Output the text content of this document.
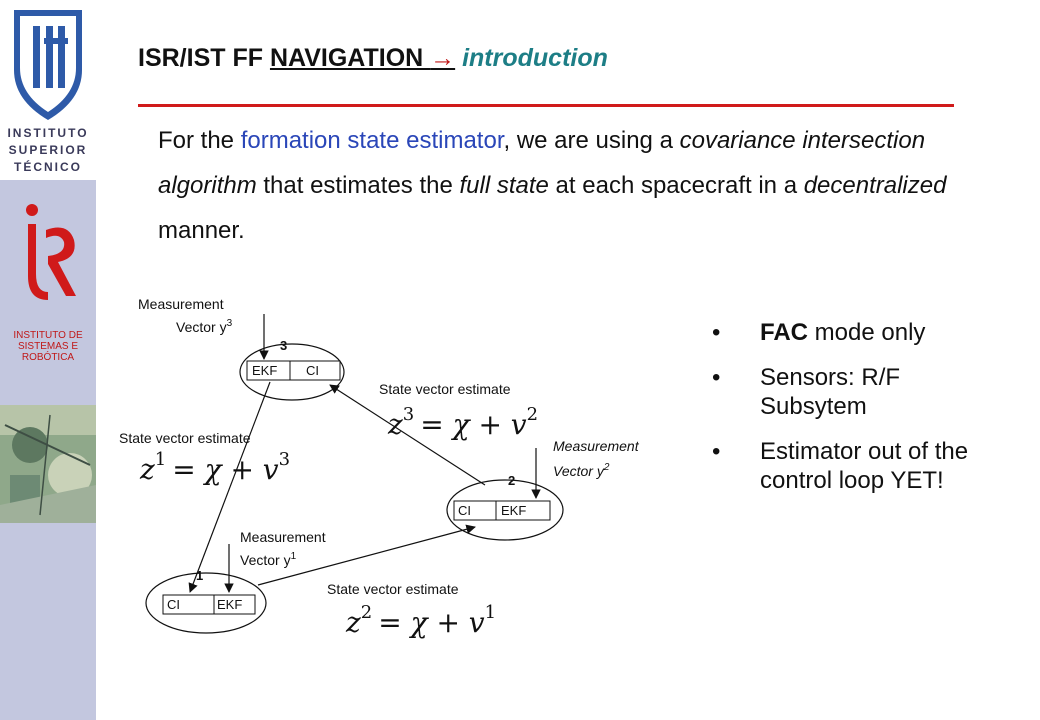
INSTITUTO
SUPERIOR
TÉCNICO
INSTITUTO DE
SISTEMAS E
ROBÓTICA
ISR/IST FF NAVIGATION → introduction
For the formation state estimator, we are using a covariance intersection algorithm that estimates the full state at each spacecraft in a decentralized manner.
3
EKF CI
2
CI EKF
1
CI	EKF
Measurement
Vector $y^3$
Measurement
Vector $y^2$
Measurement
Vector $y^1$
State vector estimate
State vector estimate
State vector estimate
z3 = χ + v2
z1 = χ + v3
z2 = χ + v1
• FAC mode only
• Sensors: R/F Subsytem
• Estimator out of the control loop YET!
